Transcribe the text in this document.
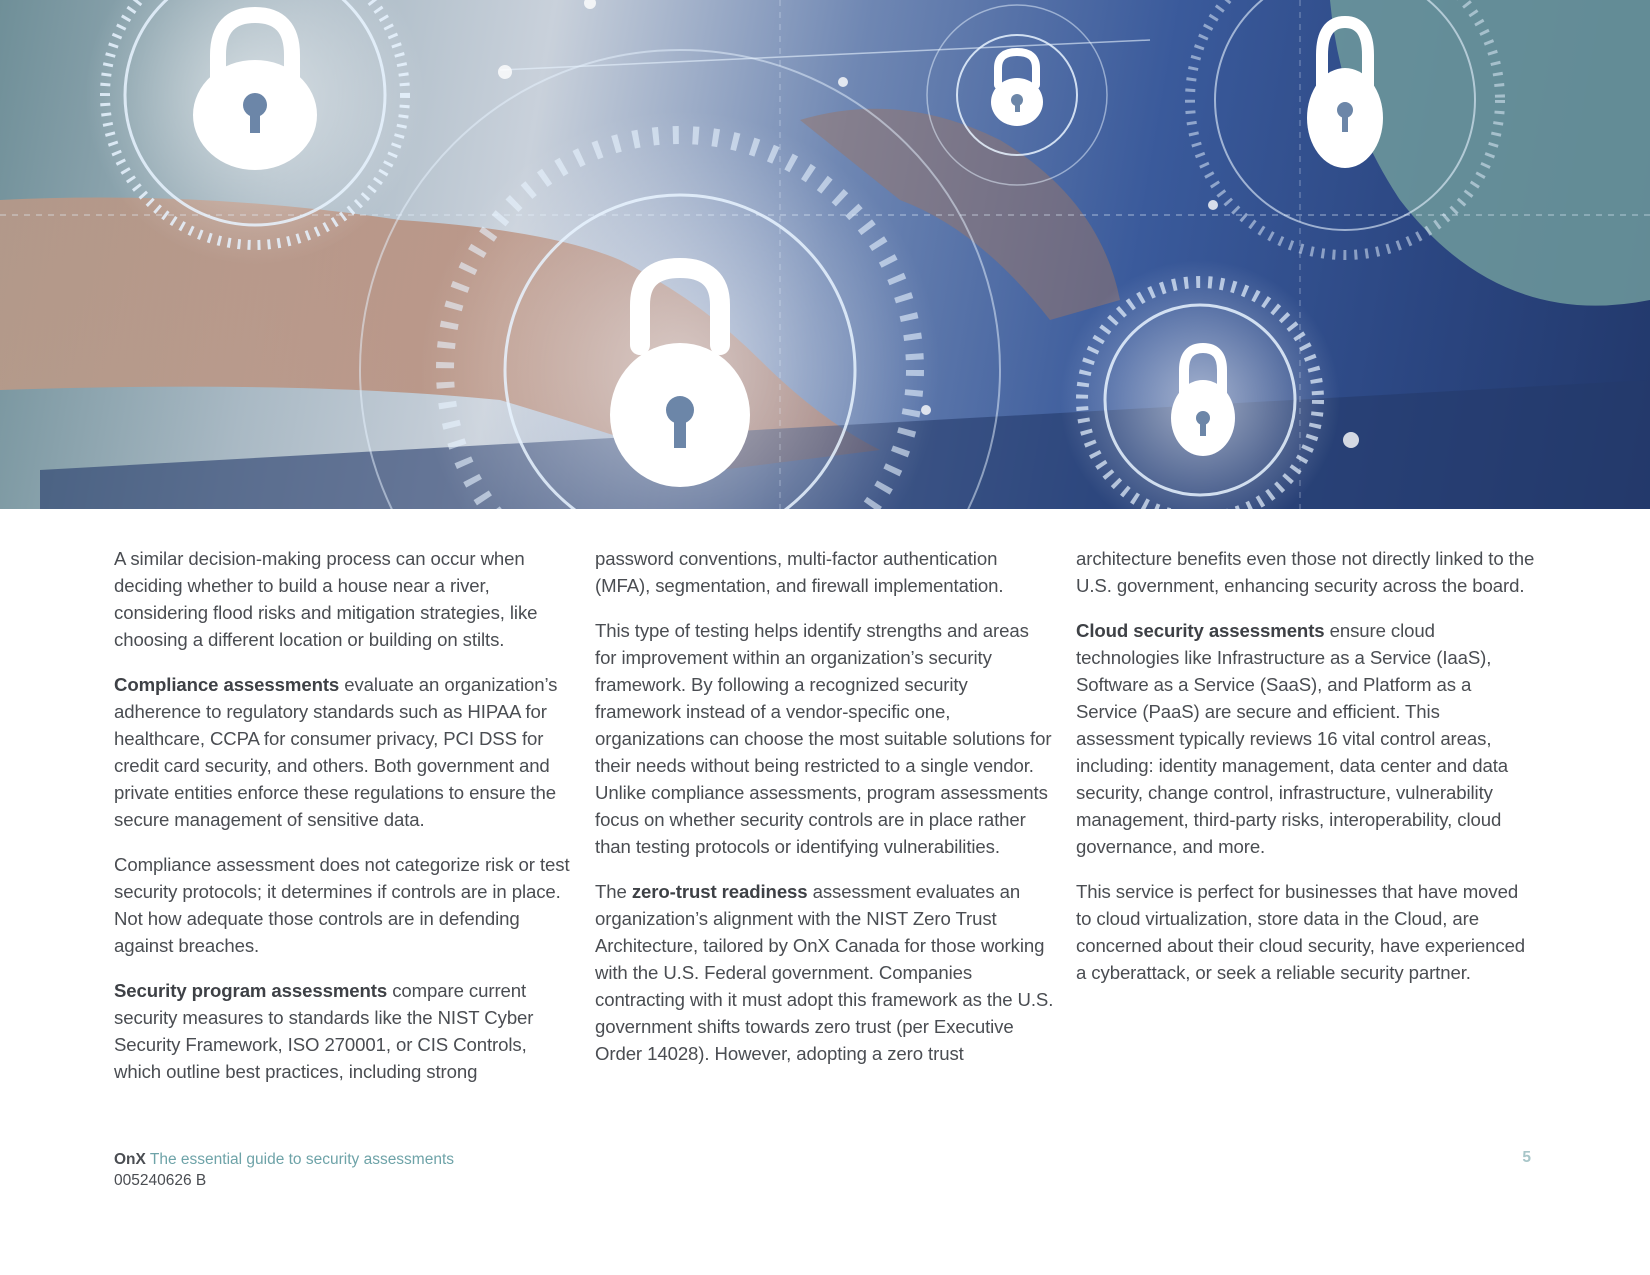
A similar decision-making process can occur when deciding whether to build a house near a river, considering flood risks and mitigation strategies, like choosing a different location or building on stilts.

Compliance assessments evaluate an organization’s adherence to regulatory standards such as HIPAA for healthcare, CCPA for consumer privacy, PCI DSS for credit card security, and others. Both government and private entities enforce these regulations to ensure the secure management of sensitive data.

Compliance assessment does not categorize risk or test security protocols; it determines if controls are in place. Not how adequate those controls are in defending against breaches.

Security program assessments compare current security measures to standards like the NIST Cyber Security Framework, ISO 270001, or CIS Controls, which outline best practices, including strong

password conventions, multi-factor authentication (MFA), segmentation, and firewall implementation.

This type of testing helps identify strengths and areas for improvement within an organization’s security framework. By following a recognized security framework instead of a vendor-specific one, organizations can choose the most suitable solutions for their needs without being restricted to a single vendor. Unlike compliance assessments, program assessments focus on whether security controls are in place rather than testing protocols or identifying vulnerabilities.

The zero-trust readiness assessment evaluates an organization’s alignment with the NIST Zero Trust Architecture, tailored by OnX Canada for those working with the U.S. Federal government. Companies contracting with it must adopt this framework as the U.S. government shifts towards zero trust (per Executive Order 14028). However, adopting a zero trust

architecture benefits even those not directly linked to the U.S. government, enhancing security across the board.

Cloud security assessments ensure cloud technologies like Infrastructure as a Service (IaaS), Software as a Service (SaaS), and Platform as a Service (PaaS) are secure and efficient. This assessment typically reviews 16 vital control areas, including: identity management, data center and data security, change control, infrastructure, vulnerability management, third-party risks, interoperability, cloud governance, and more.

This service is perfect for businesses that have moved to cloud virtualization, store data in the Cloud, are concerned about their cloud security, have experienced a cyberattack, or seek a reliable security partner.

OnX The essential guide to security assessments
005240626 B
5
